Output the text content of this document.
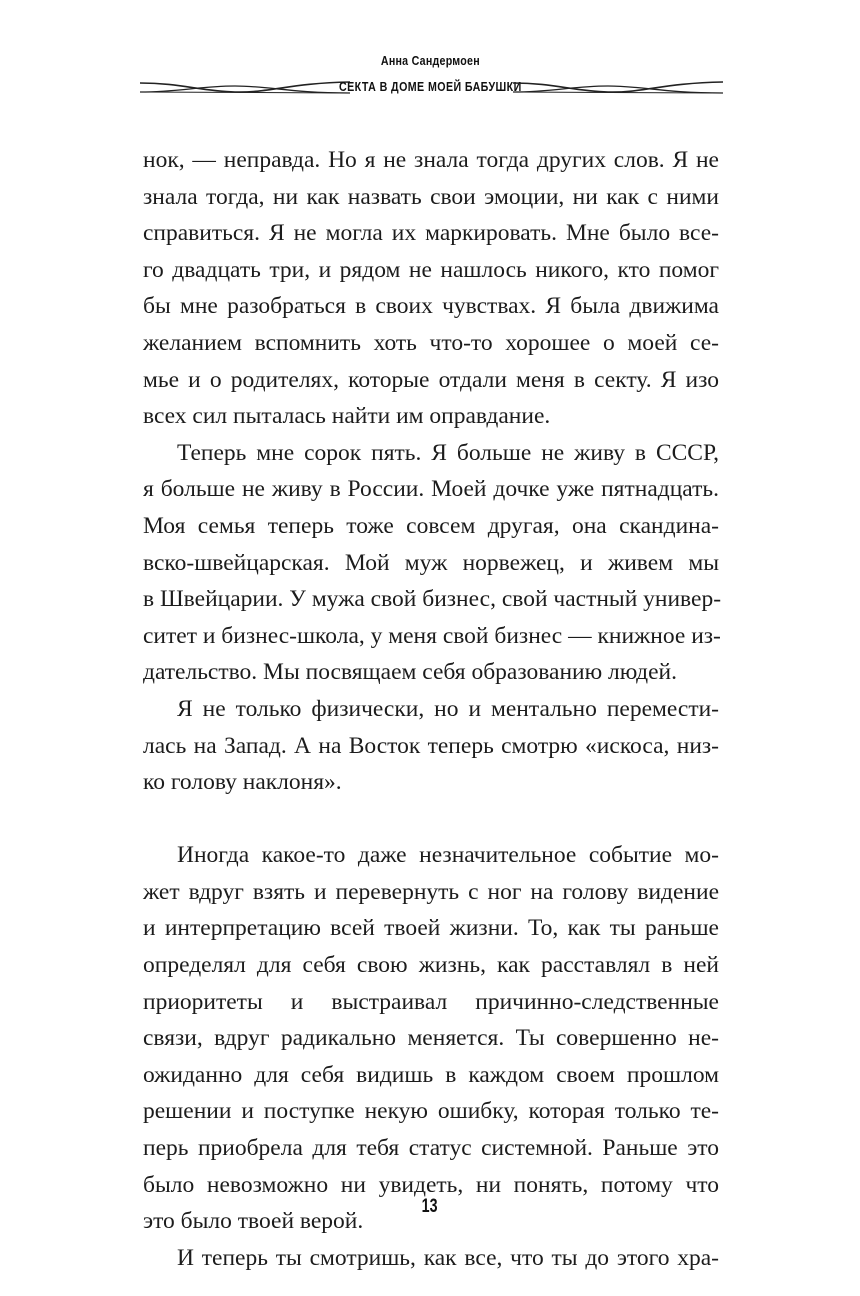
Анна Сандермоен
СЕКТА В ДОМЕ МОЕЙ БАБУШКИ

нок, — неправда. Но я не знала тогда других слов. Я не
знала тогда, ни как назвать свои эмоции, ни как с ними
справиться. Я не могла их маркировать. Мне было все-
го двадцать три, и рядом не нашлось никого, кто помог
бы мне разобраться в своих чувствах. Я была движима
желанием вспомнить хоть что-то хорошее о моей се-
мье и о родителях, которые отдали меня в секту. Я изо
всех сил пыталась найти им оправдание.

Теперь мне сорок пять. Я больше не живу в СССР,
я больше не живу в России. Моей дочке уже пятнадцать.
Моя семья теперь тоже совсем другая, она скандина-
вско-швейцарская. Мой муж норвежец, и живем мы
в Швейцарии. У мужа свой бизнес, свой частный универ-
ситет и бизнес-школа, у меня свой бизнес — книжное из-
дательство. Мы посвящаем себя образованию людей.

Я не только физически, но и ментально перемести-
лась на Запад. А на Восток теперь смотрю «искоса, низ-
ко голову наклоня».

Иногда какое-то даже незначительное событие мо-
жет вдруг взять и перевернуть с ног на голову видение
и интерпретацию всей твоей жизни. То, как ты раньше
определял для себя свою жизнь, как расставлял в ней
приоритеты и выстраивал причинно-следственные
связи, вдруг радикально меняется. Ты совершенно не-
ожиданно для себя видишь в каждом своем прошлом
решении и поступке некую ошибку, которая только те-
перь приобрела для тебя статус системной. Раньше это
было невозможно ни увидеть, ни понять, потому что
это было твоей верой.

И теперь ты смотришь, как все, что ты до этого хра-

13
